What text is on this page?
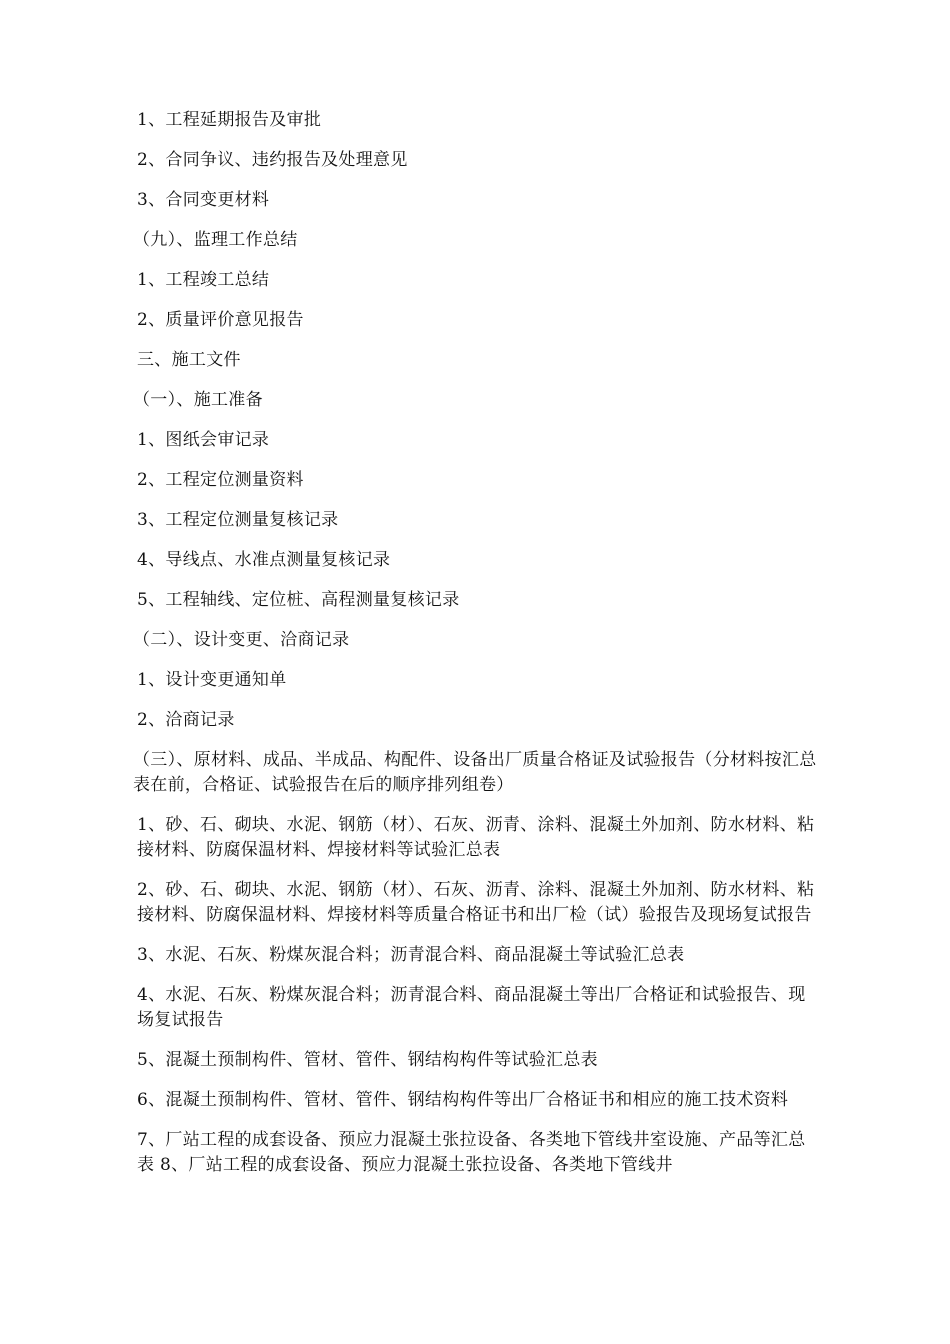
1、工程延期报告及审批

2、合同争议、违约报告及处理意见

3、合同变更材料

（九）、监理工作总结

1、工程竣工总结

2、质量评价意见报告

三、施工文件

（一）、施工准备

1、图纸会审记录

2、工程定位测量资料

3、工程定位测量复核记录

4、导线点、水准点测量复核记录

5、工程轴线、定位桩、高程测量复核记录

（二）、设计变更、洽商记录

1、设计变更通知单

2、洽商记录

（三）、原材料、成品、半成品、构配件、设备出厂质量合格证及试验报告（分材料按汇总表在前，合格证、试验报告在后的顺序排列组卷）

1、砂、石、砌块、水泥、钢筋（材）、石灰、沥青、涂料、混凝土外加剂、防水材料、粘接材料、防腐保温材料、焊接材料等试验汇总表

2、砂、石、砌块、水泥、钢筋（材）、石灰、沥青、涂料、混凝土外加剂、防水材料、粘接材料、防腐保温材料、焊接材料等质量合格证书和出厂检（试）验报告及现场复试报告

3、水泥、石灰、粉煤灰混合料；沥青混合料、商品混凝土等试验汇总表

4、水泥、石灰、粉煤灰混合料；沥青混合料、商品混凝土等出厂合格证和试验报告、现场复试报告

5、混凝土预制构件、管材、管件、钢结构构件等试验汇总表

6、混凝土预制构件、管材、管件、钢结构构件等出厂合格证书和相应的施工技术资料

7、厂站工程的成套设备、预应力混凝土张拉设备、各类地下管线井室设施、产品等汇总表 8、厂站工程的成套设备、预应力混凝土张拉设备、各类地下管线井
